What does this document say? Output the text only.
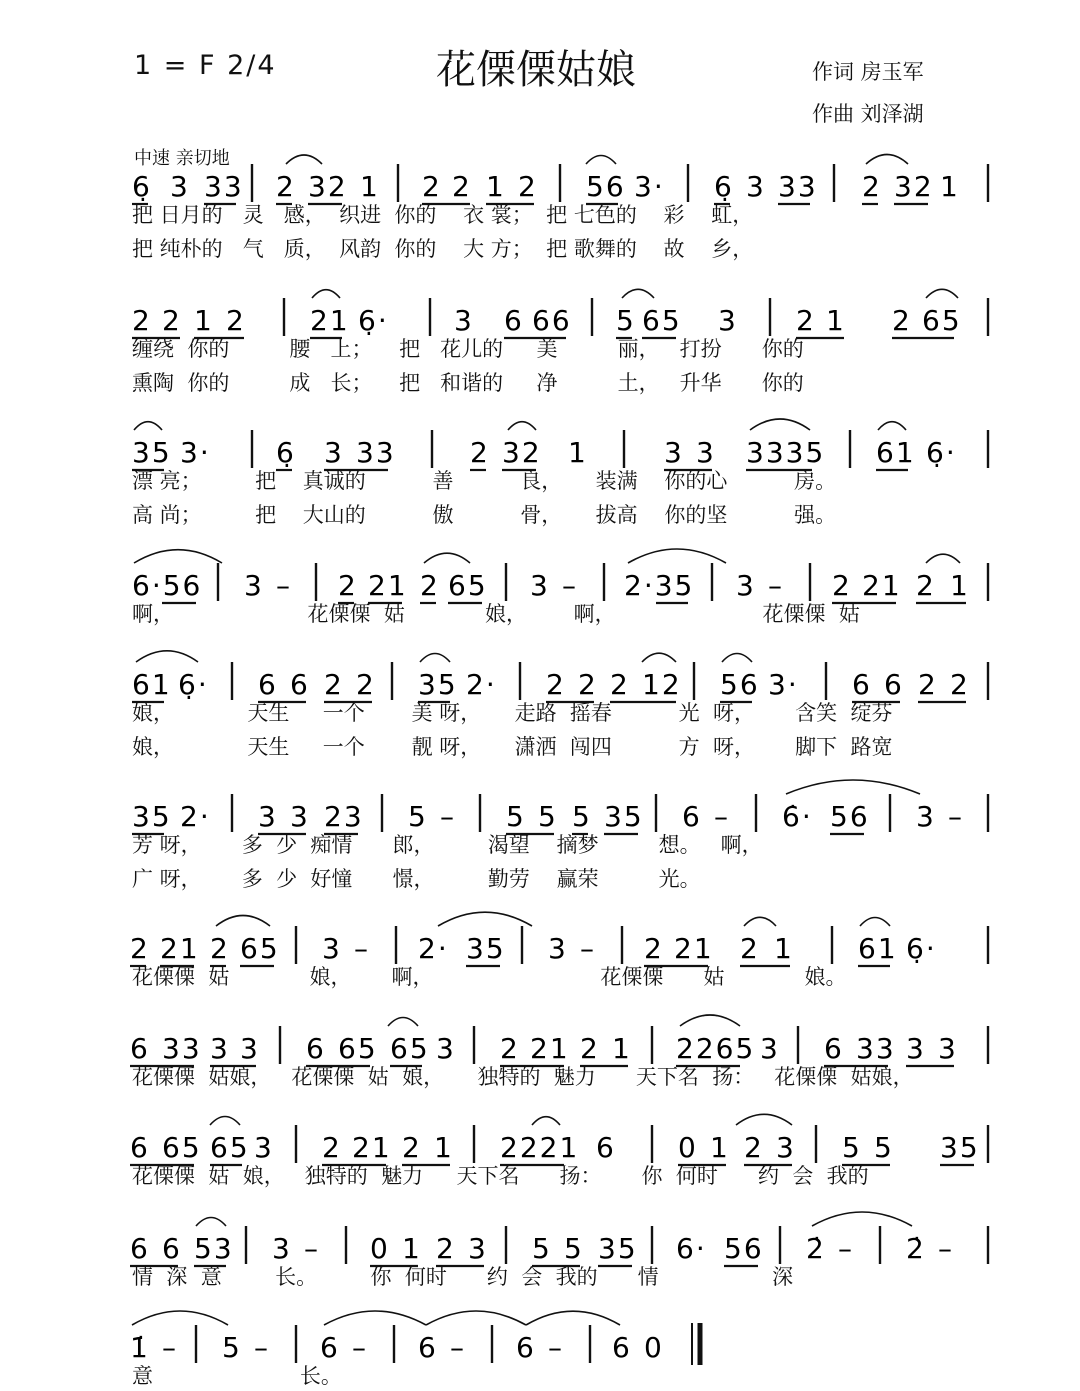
1 = F 2/4	花傈傈姑娘	作词 房玉军
作曲 刘泽湖
中速 亲切地
6̣ 3 33 2 32 1 2 2 1 2 56 3· 6̣ 3 33 2 32 1
2 2 1 2 21 6̣· 3 6 66 5 65 3 2 1 2 65
35 3· 6̣ 3 33	2 32 1	3 3 3335 61 6̣·
6·56 3 – 2 21 2 65 3 – 2·35 3 – 2 21 2 1
61 6̣· 6 6 2 2 35 2· 2 2 2 12 56 3· 6 6 2 2
35 2· 3 3 23 5 – 5 5 5 35 6 – 6̇· 56 3 –
2 21 2 65 3 – 2· 35 3 – 2 21 2 1 61 6̣·
6 33 3 3 6 65 65 3 2 21 2 1 2265 3 6 33 3 3
6 65 65 3 2 21 2 1 2221 6 0 1 2 3 5 5 35
6 6 53 3 – 0 1 2 3 5 5 35 6· 56 2̇ – 2̇ –
1̇ – 5 – 6 – 6 – 6 – 6 0
把 日月的   灵   感，  织进  你的    衣 裳；  把 七色的    彩    虹，
把 纯朴的   气   质，  风韵  你的    大 方；  把 歌舞的    故    乡，
缠绕  你的         腰   上；    把   花儿的     美         丽，   打扮      你的
熏陶  你的         成   长；    把   和谐的     净         土，   升华      你的
漂 亮；        把    真诚的          善          良，     装满    你的心          房。
高 尚；        把    大山的          傲          骨，     拔高    你的坚          强。
啊，                    花傈傈  姑            娘，       啊，                      花傈傈  姑
娘，           天生     一个       美 呀，     走路  摇春          光  呀，      含笑  绽芬
娘，           天生     一个       靓 呀，     潇洒  闯四          方  呀，      脚下  路宽
芳 呀，      多  少  痴情      郎，        渴望    摘梦         想。   啊，
广 呀，      多  少  好憧      憬，        勤劳    赢荣         光。
花傈傈  姑            娘，      啊，                         花傈傈      姑            娘。
花傈傈  姑娘，   花傈傈  姑  娘，     独特的  魅力      天下名  扬：   花傈傈  姑娘，
花傈傈  姑  娘，   独特的  魅力     天下名      扬：      你  何时      约  会  我的
情  深  意        长。        你  何时      约  会  我的      情                 深
意                      长。
